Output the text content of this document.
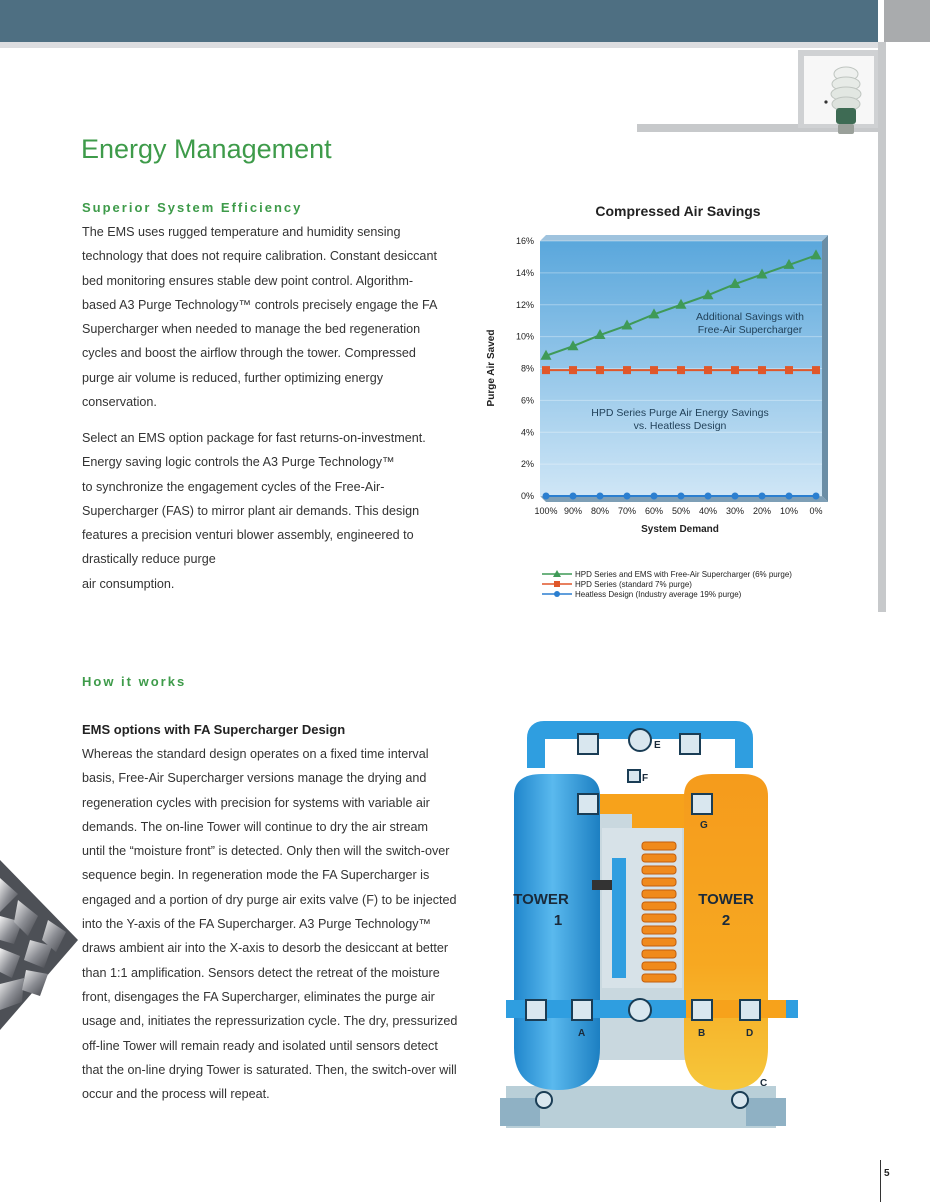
Energy Management
Superior System Efficiency
The EMS uses rugged temperature and humidity sensing
technology that does not require calibration. Constant desiccant
bed monitoring ensures stable dew point control. Algorithm-
based A3 Purge Technology™ controls precisely engage the FA
Supercharger when needed to manage the bed regeneration
cycles and boost the airflow through the tower. Compressed
purge air volume is reduced, further optimizing energy
conservation.
Select an EMS option package for fast returns-on-investment.
Energy saving logic controls the A3 Purge Technology™
to synchronize the engagement cycles of the Free-Air-
Supercharger (FAS) to mirror plant air demands. This design
features a precision venturi blower assembly, engineered to
drastically reduce purge
air consumption.
How it works
EMS options with FA Supercharger Design
Whereas the standard design operates on a fixed time interval
basis, Free-Air Supercharger versions manage the drying and
regeneration cycles with precision for systems with variable air
demands. The on-line Tower will continue to dry the air stream
until the “moisture front” is detected. Only then will the switch-over
sequence begin. In regeneration mode the FA Supercharger is
engaged and a portion of dry purge air exits valve (F) to be injected
into the Y-axis of the FA Supercharger. A3 Purge Technology™
draws ambient air into the X-axis to desorb the desiccant at better
than 1:1 amplification. Sensors detect the retreat of the moisture
front, disengages the FA Supercharger, eliminates the purge air
usage and, initiates the repressurization cycle. The dry, pressurized
off-line Tower will remain ready and isolated until sensors detect
that the on-line drying Tower is saturated. Then, the switch-over will
occur and the process will repeat.
Compressed Air Savings
0%
2%
4%
6%
8%
10%
12%
14%
16%
100% 90% 80% 70% 60% 50% 40% 30% 20% 10% 0%
Purge Air Saved
System Demand
Additional Savings with
Free-Air Supercharger
HPD Series Purge Air Energy Savings
vs. Heatless Design
HPD Series and EMS with Free-Air Supercharger (6% purge)
HPD Series (standard 7% purge)
Heatless Design (Industry average 19% purge)
TOWER
1
TOWER
2
A	B
C
D
E
F
G
5
